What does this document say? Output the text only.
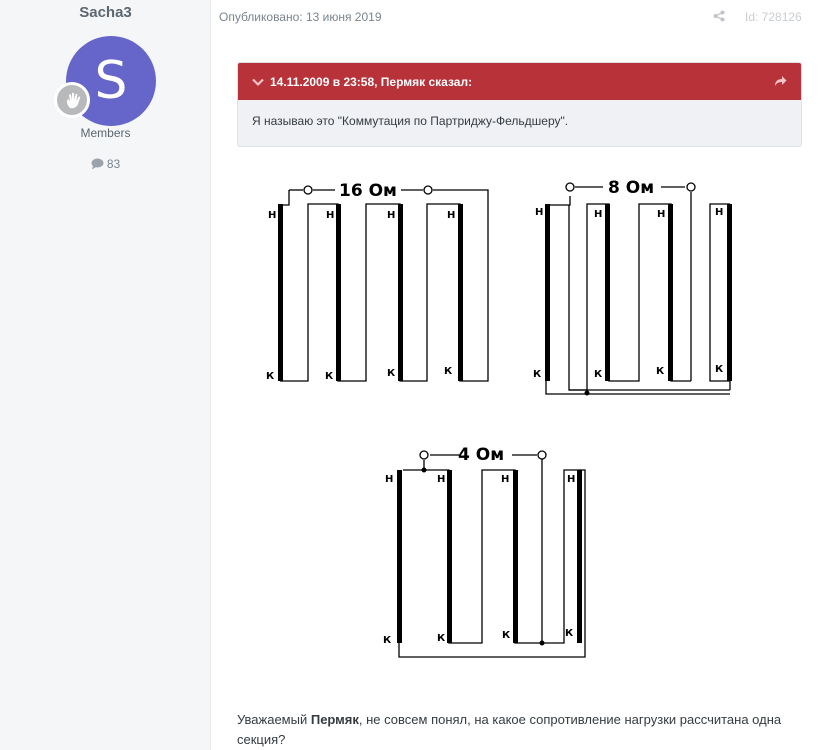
Sacha3
S
Members
83
Опубликовано: 13 июня 2019	Id: 728126
14.11.2009 в 23:58, Пермяк сказал:
Я называю это "Коммутация по Партриджу-Фельдшеру".
16 Ом	8 Ом
4 Ом
Н	Н	Н	Н
К	К	К	К
Н	Н	Н	Н
К	К	К	К
Н	Н	Н	Н
К	К	К	К
Уважаемый Пермяк, не совсем понял, на какое сопротивление нагрузки рассчитана одна секция?
